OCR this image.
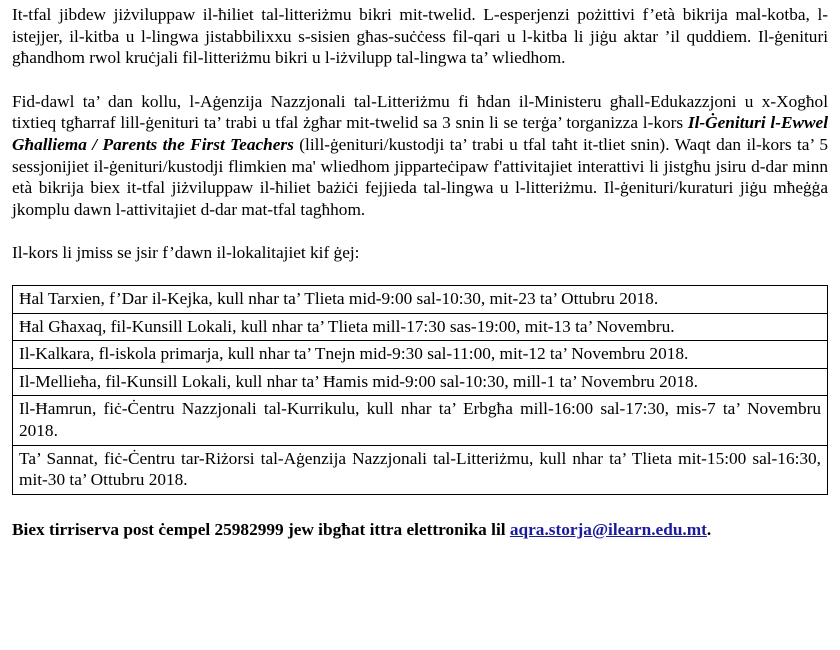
It-tfal jibdew jiżviluppaw il-ħiliet tal-litteriżmu bikri mit-twelid. L-esperjenzi pożittivi f’età bikrija mal-kotba, l-istejjer, il-kitba u l-lingwa jistabbilixxu s-sisien għas-suċċess fil-qari u l-kitba li jiġu aktar ’il quddiem. Il-ġenituri għandhom rwol kruċjali fil-litteriżmu bikri u l-iżvilupp tal-lingwa ta’ wliedhom.

Fid-dawl ta’ dan kollu, l-Aġenzija Nazzjonali tal-Litteriżmu fi ħdan il-Ministeru għall-Edukazzjoni u x-Xogħol tixtieq tgħarraf lill-ġenituri ta’ trabi u tfal żgħar mit-twelid sa 3 snin li se terġa’ torganizza l-kors Il-Ġenituri l-Ewwel Għalliema / Parents the First Teachers (lill-ġenituri/kustodji ta’ trabi u tfal taħt it-tliet snin). Waqt dan il-kors ta’ 5 sessjonijiet il-ġenituri/kustodji flimkien ma' wliedhom jipparteċipaw f'attivitajiet interattivi li jistgħu jsiru d-dar minn età bikrija biex it-tfal jiżviluppaw il-ħiliet bażiċi fejjieda tal-lingwa u l-litteriżmu. Il-ġenituri/kuraturi jiġu mħeġġa jkomplu dawn l-attivitajiet d-dar mat-tfal tagħhom.

Il-kors li jmiss se jsir f’dawn il-lokalitajiet kif ġej:

Ħal Tarxien, f’Dar il-Kejka, kull nhar ta’ Tlieta mid-9:00 sal-10:30, mit-23 ta’ Ottubru 2018.
Ħal Għaxaq, fil-Kunsill Lokali, kull nhar ta’ Tlieta mill-17:30 sas-19:00, mit-13 ta’ Novembru.
Il-Kalkara, fl-iskola primarja, kull nhar ta’ Tnejn mid-9:30 sal-11:00, mit-12 ta’ Novembru 2018.
Il-Mellieħa, fil-Kunsill Lokali, kull nhar ta’ Ħamis mid-9:00 sal-10:30, mill-1 ta’ Novembru 2018.
Il-Ħamrun, fiċ-Ċentru Nazzjonali tal-Kurrikulu, kull nhar ta’ Erbgħa mill-16:00 sal-17:30, mis-7 ta’ Novembru 2018.
Ta’ Sannat, fiċ-Ċentru tar-Riżorsi tal-Aġenzija Nazzjonali tal-Litteriżmu, kull nhar ta’ Tlieta mit-15:00 sal-16:30, mit-30 ta’ Ottubru 2018.

Biex tirriserva post ċempel 25982999 jew ibgħat ittra elettronika lil aqra.storja@ilearn.edu.mt.
